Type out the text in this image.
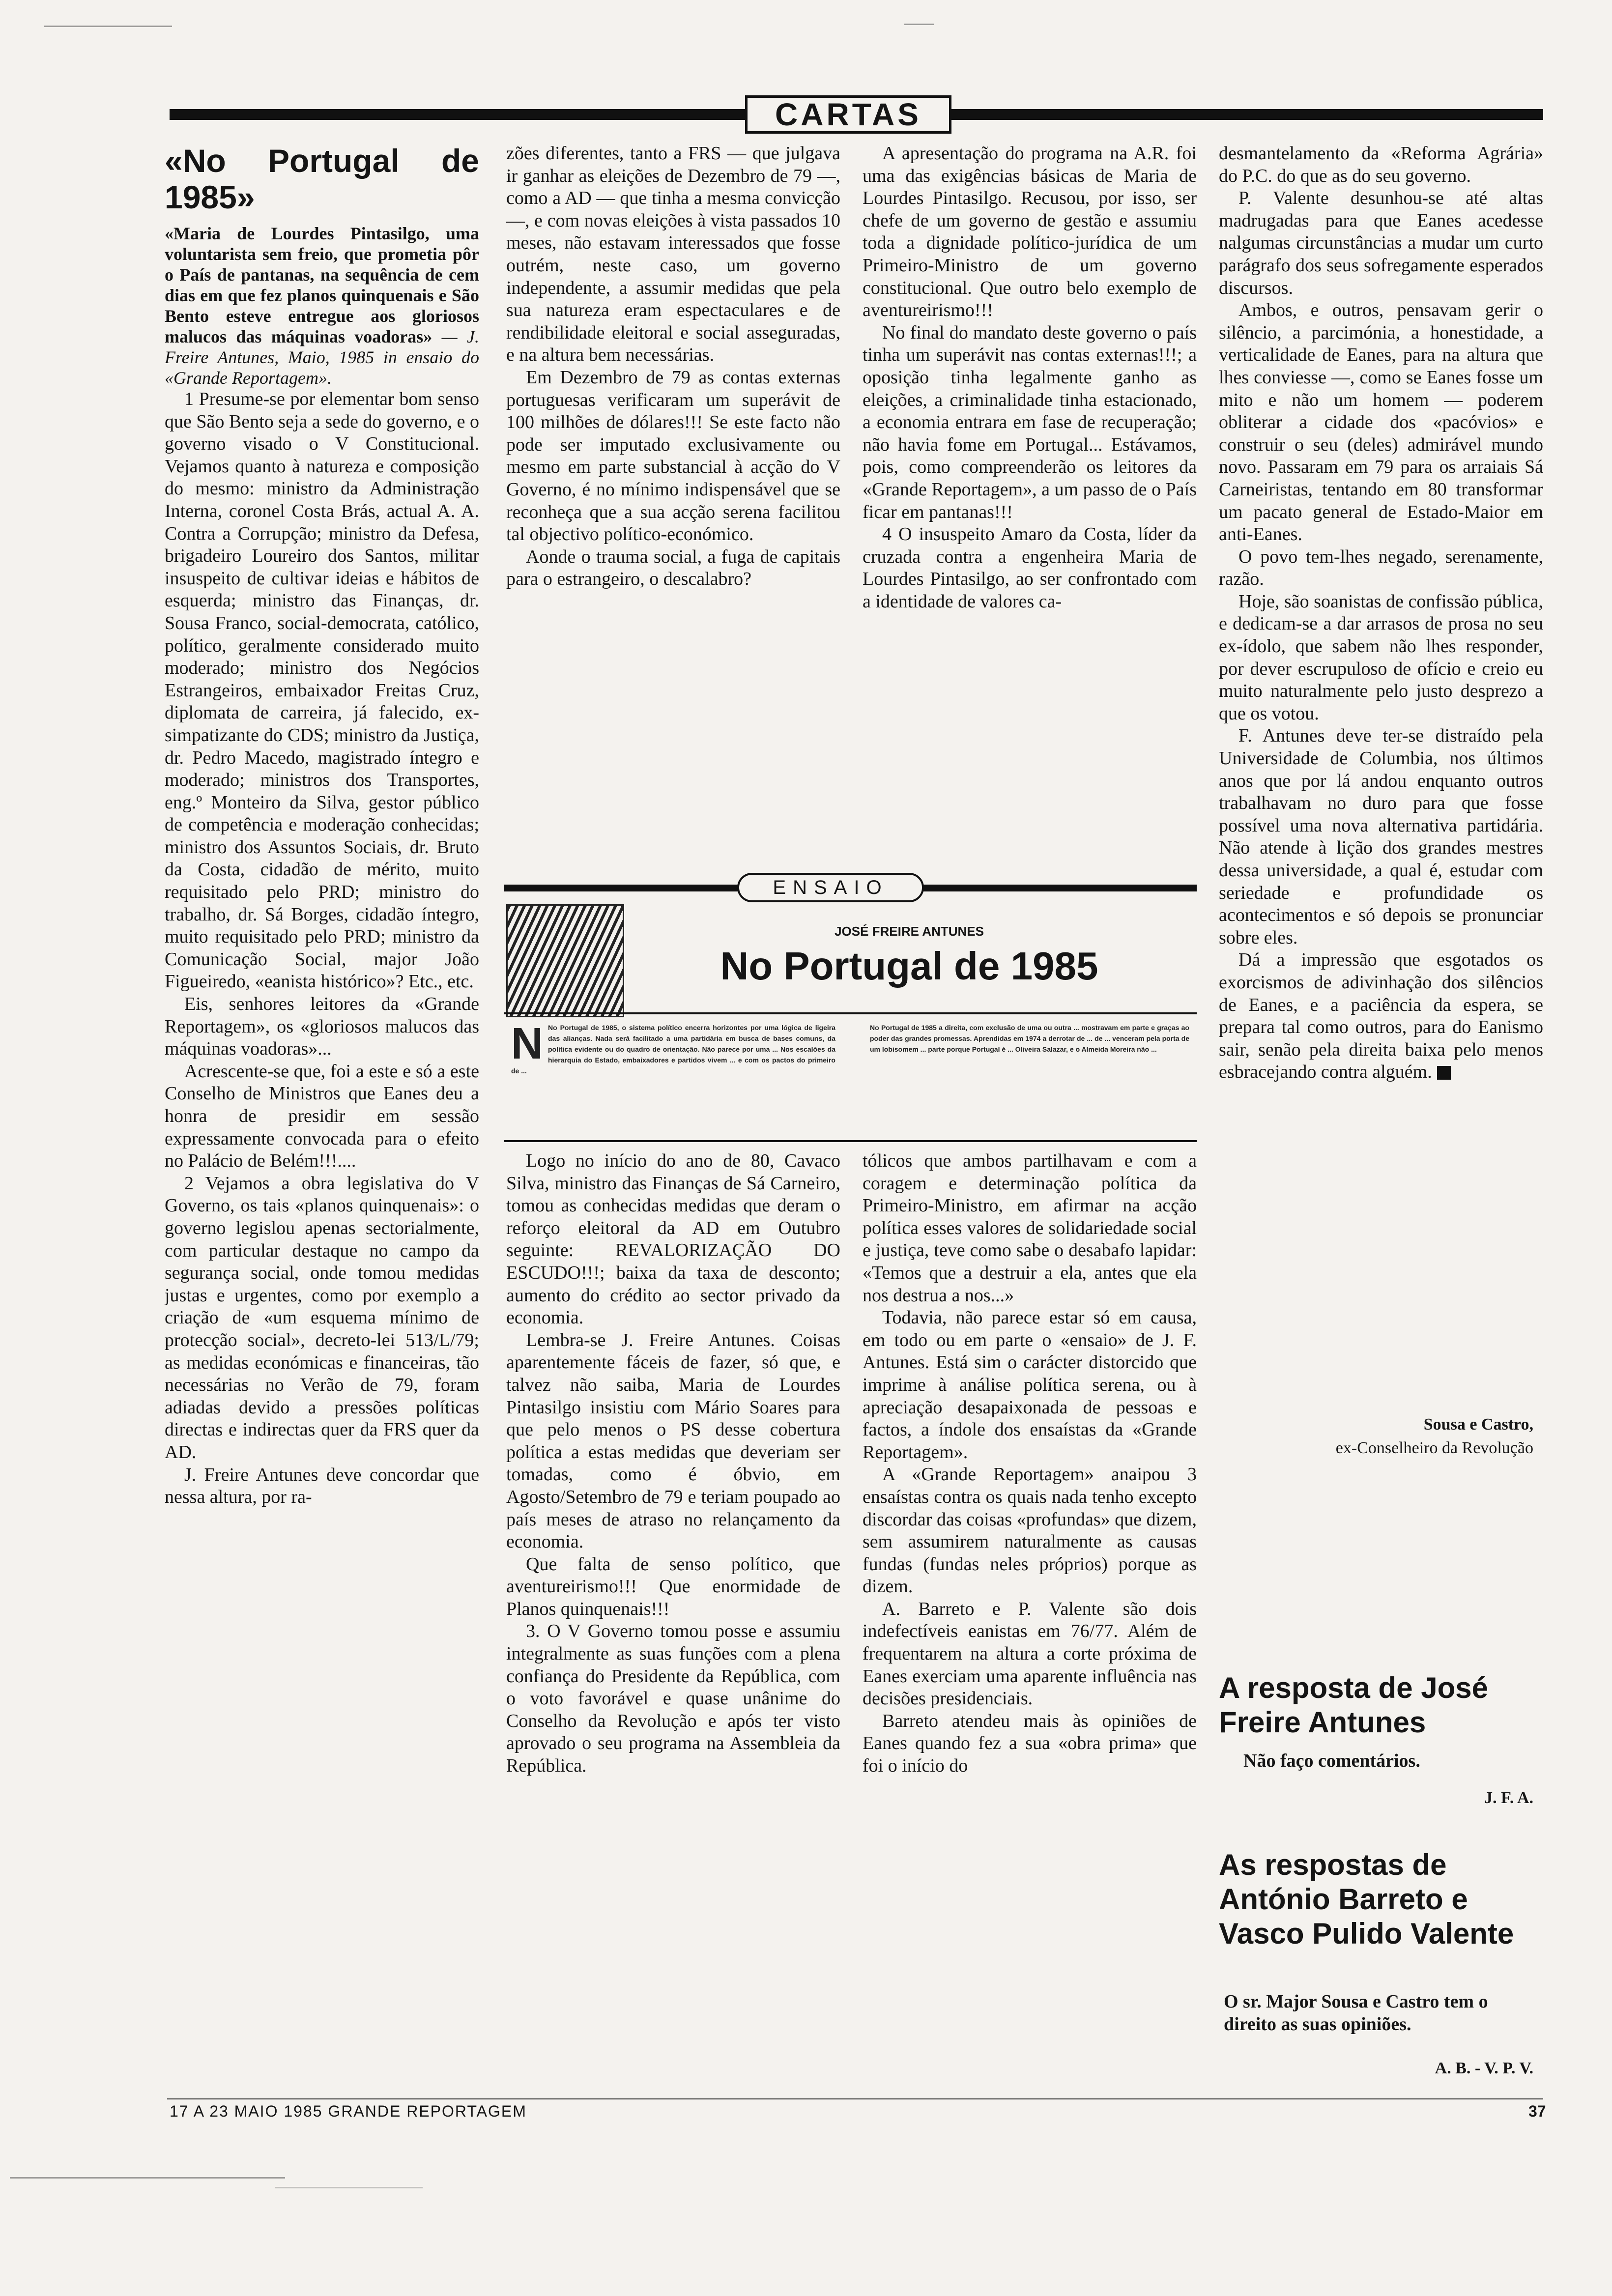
CARTAS
«No Portugal de 1985»
«Maria de Lourdes Pintasilgo, uma voluntarista sem freio, que prometia pôr o País de pantanas, na sequência de cem dias em que fez planos quinquenais e São Bento esteve entregue aos gloriosos malucos das máquinas voadoras» — J. Freire Antunes, Maio, 1985 in ensaio do «Grande Reportagem».

1 Presume-se por elementar bom senso que São Bento seja a sede do governo, e o governo visado o V Constitucional. Vejamos quanto à natureza e composição do mesmo: ministro da Administração Interna, coronel Costa Brás, actual A. A. Contra a Corrupção; ministro da Defesa, brigadeiro Loureiro dos Santos, militar insuspeito de cultivar ideias e hábitos de esquerda; ministro das Finanças, dr. Sousa Franco, social-democrata, católico, político, geralmente considerado muito moderado; ministro dos Negócios Estrangeiros, embaixador Freitas Cruz, diplomata de carreira, já falecido, ex-simpatizante do CDS; ministro da Justiça, dr. Pedro Macedo, magistrado íntegro e moderado; ministros dos Transportes, eng.º Monteiro da Silva, gestor público de competência e moderação conhecidas; ministro dos Assuntos Sociais, dr. Bruto da Costa, cidadão de mérito, muito requisitado pelo PRD; ministro do trabalho, dr. Sá Borges, cidadão íntegro, muito requisitado pelo PRD; ministro da Comunicação Social, major João Figueiredo, «eanista histórico»? Etc., etc.

Eis, senhores leitores da «Grande Reportagem», os «gloriosos malucos das máquinas voadoras»...

Acrescente-se que, foi a este e só a este Conselho de Ministros que Eanes deu a honra de presidir em sessão expressamente convocada para o efeito no Palácio de Belém!!!....

2 Vejamos a obra legislativa do V Governo, os tais «planos quinquenais»: o governo legislou apenas sectorialmente, com particular destaque no campo da segurança social, onde tomou medidas justas e urgentes, como por exemplo a criação de «um esquema mínimo de protecção social», decreto-lei 513/L/79; as medidas económicas e financeiras, tão necessárias no Verão de 79, foram adiadas devido a pressões políticas directas e indirectas quer da FRS quer da AD.

J. Freire Antunes deve concordar que nessa altura, por ra-

zões diferentes, tanto a FRS — que julgava ir ganhar as eleições de Dezembro de 79 —, como a AD — que tinha a mesma convicção —, e com novas eleições à vista passados 10 meses, não estavam interessados que fosse outrém, neste caso, um governo independente, a assumir medidas que pela sua natureza eram espectaculares e de rendibilidade eleitoral e social asseguradas, e na altura bem necessárias.

Em Dezembro de 79 as contas externas portuguesas verificaram um superávit de 100 milhões de dólares!!! Se este facto não pode ser imputado exclusivamente ou mesmo em parte substancial à acção do V Governo, é no mínimo indispensável que se reconheça que a sua acção serena facilitou tal objectivo político-económico.

Aonde o trauma social, a fuga de capitais para o estrangeiro, o descalabro?

A apresentação do programa na A.R. foi uma das exigências básicas de Maria de Lourdes Pintasilgo. Recusou, por isso, ser chefe de um governo de gestão e assumiu toda a dignidade político-jurídica de um Primeiro-Ministro de um governo constitucional. Que outro belo exemplo de aventureirismo!!!

No final do mandato deste governo o país tinha um superávit nas contas externas!!!; a oposição tinha legalmente ganho as eleições, a criminalidade tinha estacionado, a economia entrara em fase de recuperação; não havia fome em Portugal... Estávamos, pois, como compreenderão os leitores da «Grande Reportagem», a um passo de o País ficar em pantanas!!!

4 O insuspeito Amaro da Costa, líder da cruzada contra a engenheira Maria de Lourdes Pintasilgo, ao ser confrontado com a identidade de valores ca-

desmantelamento da «Reforma Agrária» do P.C. do que as do seu governo.

P. Valente desunhou-se até altas madrugadas para que Eanes acedesse nalgumas circunstâncias a mudar um curto parágrafo dos seus sofregamente esperados discursos.

Ambos, e outros, pensavam gerir o silêncio, a parcimónia, a honestidade, a verticalidade de Eanes, para na altura que lhes conviesse —, como se Eanes fosse um mito e não um homem — poderem obliterar a cidade dos «pacóvios» e construir o seu (deles) admirável mundo novo. Passaram em 79 para os arraiais Sá Carneiristas, tentando em 80 transformar um pacato general de Estado-Maior em anti-Eanes.

O povo tem-lhes negado, serenamente, razão.

Hoje, são soanistas de confissão pública, e dedicam-se a dar arrasos de prosa no seu ex-ídolo, que sabem não lhes responder, por dever escrupuloso de ofício e creio eu muito naturalmente pelo justo desprezo a que os votou.

F. Antunes deve ter-se distraído pela Universidade de Columbia, nos últimos anos que por lá andou enquanto outros trabalhavam no duro para que fosse possível uma nova alternativa partidária. Não atende à lição dos grandes mestres dessa universidade, a qual é, estudar com seriedade e profundidade os acontecimentos e só depois se pronunciar sobre eles.

Dá a impressão que esgotados os exorcismos de adivinhação dos silêncios de Eanes, e a paciência da espera, se prepara tal como outros, para do Eanismo sair, senão pela direita baixa pelo menos esbracejando contra alguém.

Sousa e Castro,
ex-Conselheiro da Revolução
ENSAIO
JOSÉ FREIRE ANTUNES
No Portugal de 1985
N No Portugal de 1985, o sistema político encerra horizontes por uma lógica de ligeira das alianças. Nada será facilitado a uma partidária em busca de bases comuns, da política evidente ou do quadro de orientação. Não parece por uma ... Nos escalões da hierarquia do Estado, embaixadores e partidos vivem ... e com os pactos do primeiro de ...
No Portugal de 1985 a direita, com exclusão de uma ou outra ... mostravam em parte e graças ao poder das grandes promessas. Aprendidas em 1974 a derrotar de ... de ... venceram pela porta de um lobisomem ... parte porque Portugal é ... Oliveira Salazar, e o Almeida Moreira não ...

Logo no início do ano de 80, Cavaco Silva, ministro das Finanças de Sá Carneiro, tomou as conhecidas medidas que deram o reforço eleitoral da AD em Outubro seguinte: REVALORIZAÇÃO DO ESCUDO!!!; baixa da taxa de desconto; aumento do crédito ao sector privado da economia.

Lembra-se J. Freire Antunes. Coisas aparentemente fáceis de fazer, só que, e talvez não saiba, Maria de Lourdes Pintasilgo insistiu com Mário Soares para que pelo menos o PS desse cobertura política a estas medidas que deveriam ser tomadas, como é óbvio, em Agosto/Setembro de 79 e teriam poupado ao país meses de atraso no relançamento da economia.

Que falta de senso político, que aventureirismo!!! Que enormidade de Planos quinquenais!!!

3. O V Governo tomou posse e assumiu integralmente as suas funções com a plena confiança do Presidente da República, com o voto favorável e quase unânime do Conselho da Revolução e após ter visto aprovado o seu programa na Assembleia da República.

tólicos que ambos partilhavam e com a coragem e determinação política da Primeiro-Ministro, em afirmar na acção política esses valores de solidariedade social e justiça, teve como sabe o desabafo lapidar: «Temos que a destruir a ela, antes que ela nos destrua a nos...»

Todavia, não parece estar só em causa, em todo ou em parte o «ensaio» de J. F. Antunes. Está sim o carácter distorcido que imprime à análise política serena, ou à apreciação desapaixonada de pessoas e factos, a índole dos ensaístas da «Grande Reportagem».

A «Grande Reportagem» anaipou 3 ensaístas contra os quais nada tenho excepto discordar das coisas «profundas» que dizem, sem assumirem naturalmente as causas fundas (fundas neles próprios) porque as dizem.

A. Barreto e P. Valente são dois indefectíveis eanistas em 76/77. Além de frequentarem na altura a corte próxima de Eanes exerciam uma aparente influência nas decisões presidenciais.

Barreto atendeu mais às opiniões de Eanes quando fez a sua «obra prima» que foi o início do

A resposta de José Freire Antunes
Não faço comentários.
J. F. A.
As respostas de António Barreto e Vasco Pulido Valente
O sr. Major Sousa e Castro tem o direito as suas opiniões.
A. B. - V. P. V.
17 A 23 MAIO 1985 GRANDE REPORTAGEM	37
